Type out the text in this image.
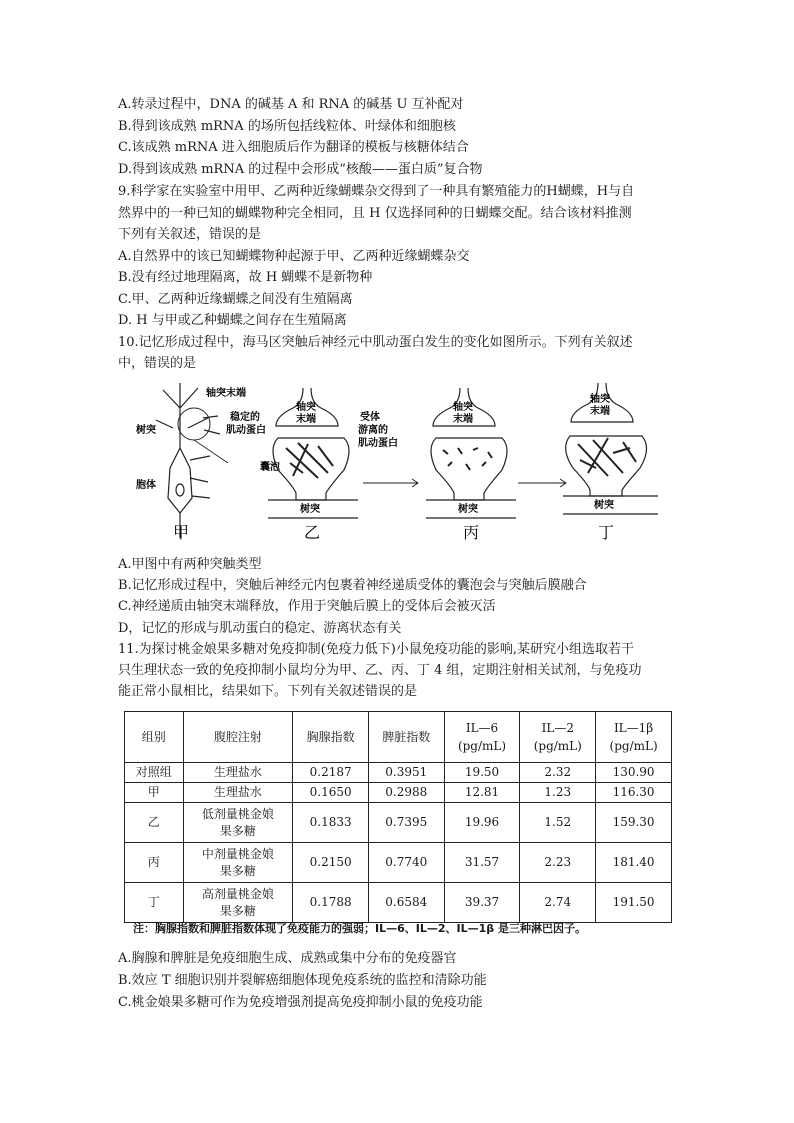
A.转录过程中，DNA 的碱基 A 和 RNA 的碱基 U 互补配对
B.得到该成熟 mRNA 的场所包括线粒体、叶绿体和细胞核
C.该成熟 mRNA 进入细胞质后作为翻译的模板与核糖体结合
D.得到该成熟 mRNA 的过程中会形成“核酸——蛋白质”复合物
9.科学家在实验室中用甲、乙两种近缘蝴蝶杂交得到了一种具有繁殖能力的H蝴蝶，H与自
然界中的一种已知的蝴蝶物种完全相同，且 H 仅选择同种的日蝴蝶交配。结合该材料推测
下列有关叙述，错误的是
A.自然界中的该已知蝴蝶物种起源于甲、乙两种近缘蝴蝶杂交
B.没有经过地理隔离，故 H 蝴蝶不是新物种
C.甲、乙两种近缘蝴蝶之间没有生殖隔离
D. H 与甲或乙种蝴蝶之间存在生殖隔离
10.记忆形成过程中，海马区突触后神经元中肌动蛋白发生的变化如图所示。下列有关叙述
中，错误的是
轴突末端
树突
胞体
甲
稳定的
肌动蛋白
囊泡
轴突
末端
树突
乙
受体
游离的
肌动蛋白
轴突
末端
树突
丙
轴突
末端
树突
丁
A.甲图中有两种突触类型
B.记忆形成过程中，突触后神经元内包裹着神经递质受体的囊泡会与突触后膜融合
C.神经递质由轴突末端释放，作用于突触后膜上的受体后会被灭活
D，记忆的形成与肌动蛋白的稳定、游离状态有关
11.为探讨桃金娘果多糖对免疫抑制(免疫力低下)小鼠免疫功能的影响,某研究小组选取若干
只生理状态一致的免疫抑制小鼠均分为甲、乙、丙、丁 4 组，定期注射相关试剂，与免疫功
能正常小鼠相比，结果如下。下列有关叙述错误的是
组别	腹腔注射	胸腺指数	脾脏指数	IL—6
(pg/mL)	IL—2
(pg/mL)	IL—1β
(pg/mL)
对照组	生理盐水	0.2187	0.3951	19.50	2.32	130.90
甲	生理盐水	0.1650	0.2988	12.81	1.23	116.30
乙	低剂量桃金娘
果多糖	0.1833	0.7395	19.96	1.52	159.30
丙	中剂量桃金娘
果多糖	0.2150	0.7740	31.57	2.23	181.40
丁	高剂量桃金娘
果多糖	0.1788	0.6584	39.37	2.74	191.50
注：胸腺指数和脾脏指数体现了免疫能力的强弱；IL—6、IL—2、IL—1β 是三种淋巴因子。
A.胸腺和脾脏是免疫细胞生成、成熟或集中分布的免疫器官
B.效应 T 细胞识别并裂解癌细胞体现免疫系统的监控和清除功能
C.桃金娘果多糖可作为免疫增强剂提高免疫抑制小鼠的免疫功能
